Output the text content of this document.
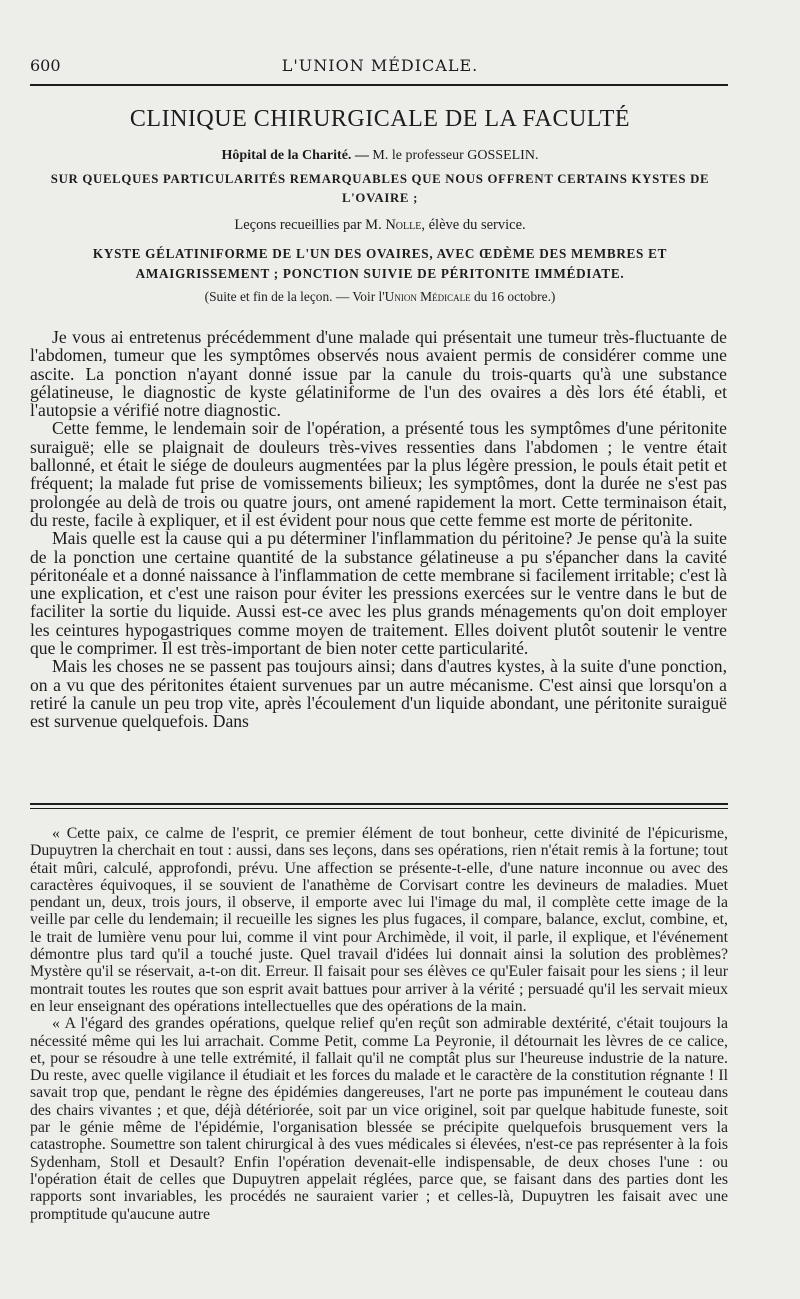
600	L'UNION MÉDICALE.
CLINIQUE CHIRURGICALE DE LA FACULTÉ
Hôpital de la Charité. — M. le professeur GOSSELIN.
SUR QUELQUES PARTICULARITÉS REMARQUABLES QUE NOUS OFFRENT CERTAINS KYSTES DE L'OVAIRE ;
Leçons recueillies par M. Nolle, élève du service.
KYSTE GÉLATINIFORME DE L'UN DES OVAIRES, AVEC ŒDÈME DES MEMBRES ET AMAIGRISSEMENT ; PONCTION SUIVIE DE PÉRITONITE IMMÉDIATE.
(Suite et fin de la leçon. — Voir l'Union Médicale du 16 octobre.)

Je vous ai entretenus précédemment d'une malade qui présentait une tumeur très-fluctuante de l'abdomen, tumeur que les symptômes observés nous avaient permis de considérer comme une ascite. La ponction n'ayant donné issue par la canule du trois-quarts qu'à une substance gélatineuse, le diagnostic de kyste gélatiniforme de l'un des ovaires a dès lors été établi, et l'autopsie a vérifié notre diagnostic.

Cette femme, le lendemain soir de l'opération, a présenté tous les symptômes d'une péritonite suraiguë; elle se plaignait de douleurs très-vives ressenties dans l'abdomen ; le ventre était ballonné, et était le siége de douleurs augmentées par la plus légère pression, le pouls était petit et fréquent; la malade fut prise de vomissements bilieux; les symptômes, dont la durée ne s'est pas prolongée au delà de trois ou quatre jours, ont amené rapidement la mort. Cette terminaison était, du reste, facile à expliquer, et il est évident pour nous que cette femme est morte de péritonite.

Mais quelle est la cause qui a pu déterminer l'inflammation du péritoine? Je pense qu'à la suite de la ponction une certaine quantité de la substance gélatineuse a pu s'épancher dans la cavité péritonéale et a donné naissance à l'inflammation de cette membrane si facilement irritable; c'est là une explication, et c'est une raison pour éviter les pressions exercées sur le ventre dans le but de faciliter la sortie du liquide. Aussi est-ce avec les plus grands ménagements qu'on doit employer les ceintures hypogastriques comme moyen de traitement. Elles doivent plutôt soutenir le ventre que le comprimer. Il est très-important de bien noter cette particularité.

Mais les choses ne se passent pas toujours ainsi; dans d'autres kystes, à la suite d'une ponction, on a vu que des péritonites étaient survenues par un autre mécanisme. C'est ainsi que lorsqu'on a retiré la canule un peu trop vite, après l'écoulement d'un liquide abondant, une péritonite suraiguë est survenue quelquefois. Dans

« Cette paix, ce calme de l'esprit, ce premier élément de tout bonheur, cette divinité de l'épicurisme, Dupuytren la cherchait en tout : aussi, dans ses leçons, dans ses opérations, rien n'était remis à la fortune; tout était mûri, calculé, approfondi, prévu. Une affection se présente-t-elle, d'une nature inconnue ou avec des caractères équivoques, il se souvient de l'anathème de Corvisart contre les devineurs de maladies. Muet pendant un, deux, trois jours, il observe, il emporte avec lui l'image du mal, il complète cette image de la veille par celle du lendemain; il recueille les signes les plus fugaces, il compare, balance, exclut, combine, et, le trait de lumière venu pour lui, comme il vint pour Archimède, il voit, il parle, il explique, et l'événement démontre plus tard qu'il a touché juste. Quel travail d'idées lui donnait ainsi la solution des problèmes? Mystère qu'il se réservait, a-t-on dit. Erreur. Il faisait pour ses élèves ce qu'Euler faisait pour les siens ; il leur montrait toutes les routes que son esprit avait battues pour arriver à la vérité ; persuadé qu'il les servait mieux en leur enseignant des opérations intellectuelles que des opérations de la main.

« A l'égard des grandes opérations, quelque relief qu'en reçût son admirable dextérité, c'était toujours la nécessité même qui les lui arrachait. Comme Petit, comme La Peyronie, il détournait les lèvres de ce calice, et, pour se résoudre à une telle extrémité, il fallait qu'il ne comptât plus sur l'heureuse industrie de la nature. Du reste, avec quelle vigilance il étudiait et les forces du malade et le caractère de la constitution régnante ! Il savait trop que, pendant le règne des épidémies dangereuses, l'art ne porte pas impunément le couteau dans des chairs vivantes ; et que, déjà détériorée, soit par un vice originel, soit par quelque habitude funeste, soit par le génie même de l'épidémie, l'organisation blessée se précipite quelquefois brusquement vers la catastrophe. Soumettre son talent chirurgical à des vues médicales si élevées, n'est-ce pas représenter à la fois Sydenham, Stoll et Desault? Enfin l'opération devenait-elle indispensable, de deux choses l'une : ou l'opération était de celles que Dupuytren appelait réglées, parce que, se faisant dans des parties dont les rapports sont invariables, les procédés ne sauraient varier ; et celles-là, Dupuytren les faisait avec une promptitude qu'aucune autre
